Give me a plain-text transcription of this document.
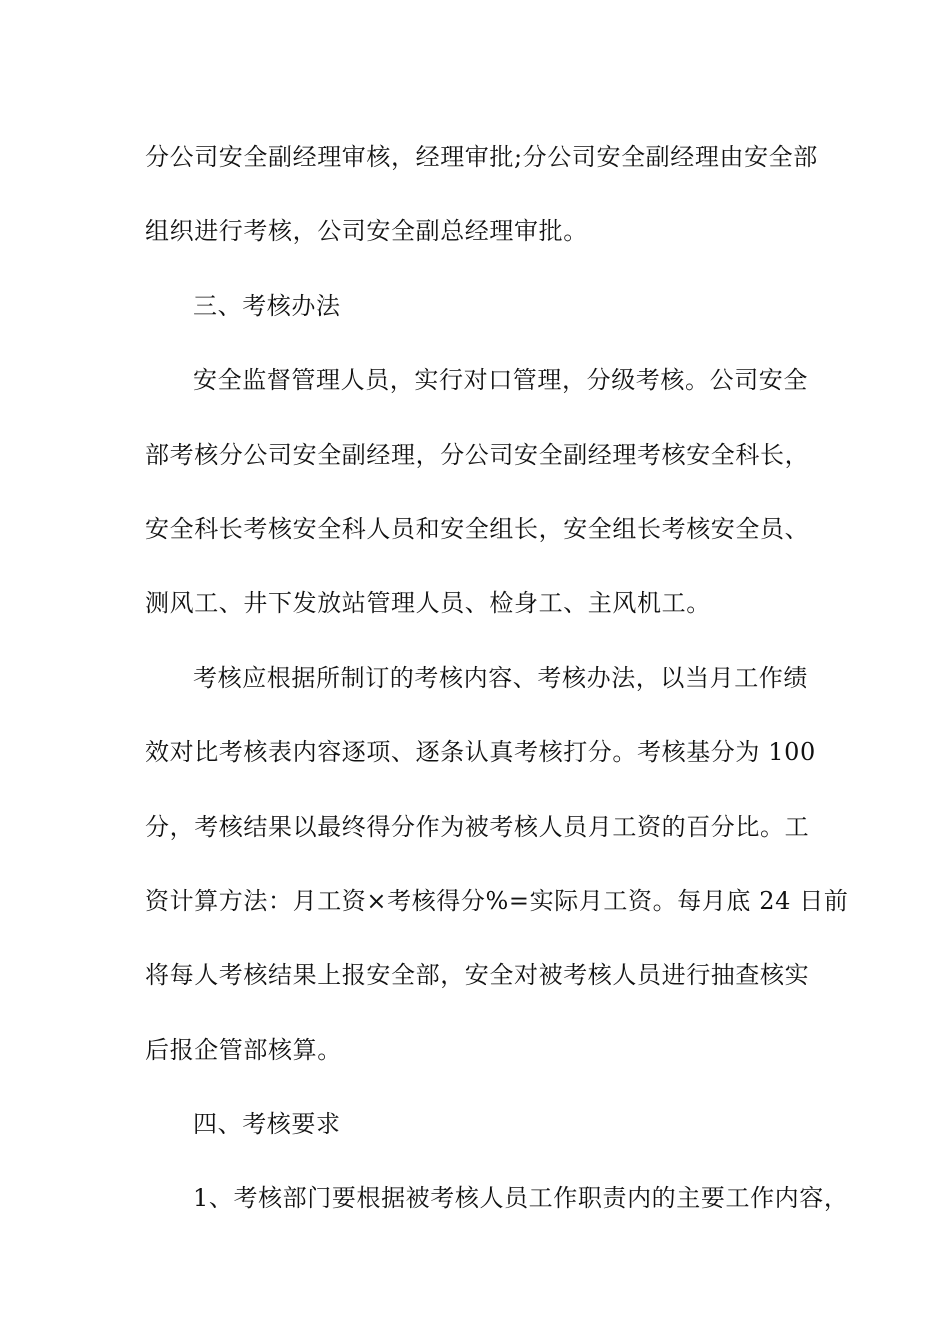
分公司安全副经理审核，经理审批;分公司安全副经理由安全部
组织进行考核，公司安全副总经理审批。
三、考核办法
安全监督管理人员，实行对口管理，分级考核。公司安全
部考核分公司安全副经理，分公司安全副经理考核安全科长，
安全科长考核安全科人员和安全组长，安全组长考核安全员、
测风工、井下发放站管理人员、检身工、主风机工。
考核应根据所制订的考核内容、考核办法，以当月工作绩
效对比考核表内容逐项、逐条认真考核打分。考核基分为 100
分，考核结果以最终得分作为被考核人员月工资的百分比。工
资计算方法：月工资×考核得分%=实际月工资。每月底 24 日前
将每人考核结果上报安全部，安全对被考核人员进行抽查核实
后报企管部核算。
四、考核要求
1、考核部门要根据被考核人员工作职责内的主要工作内容，
